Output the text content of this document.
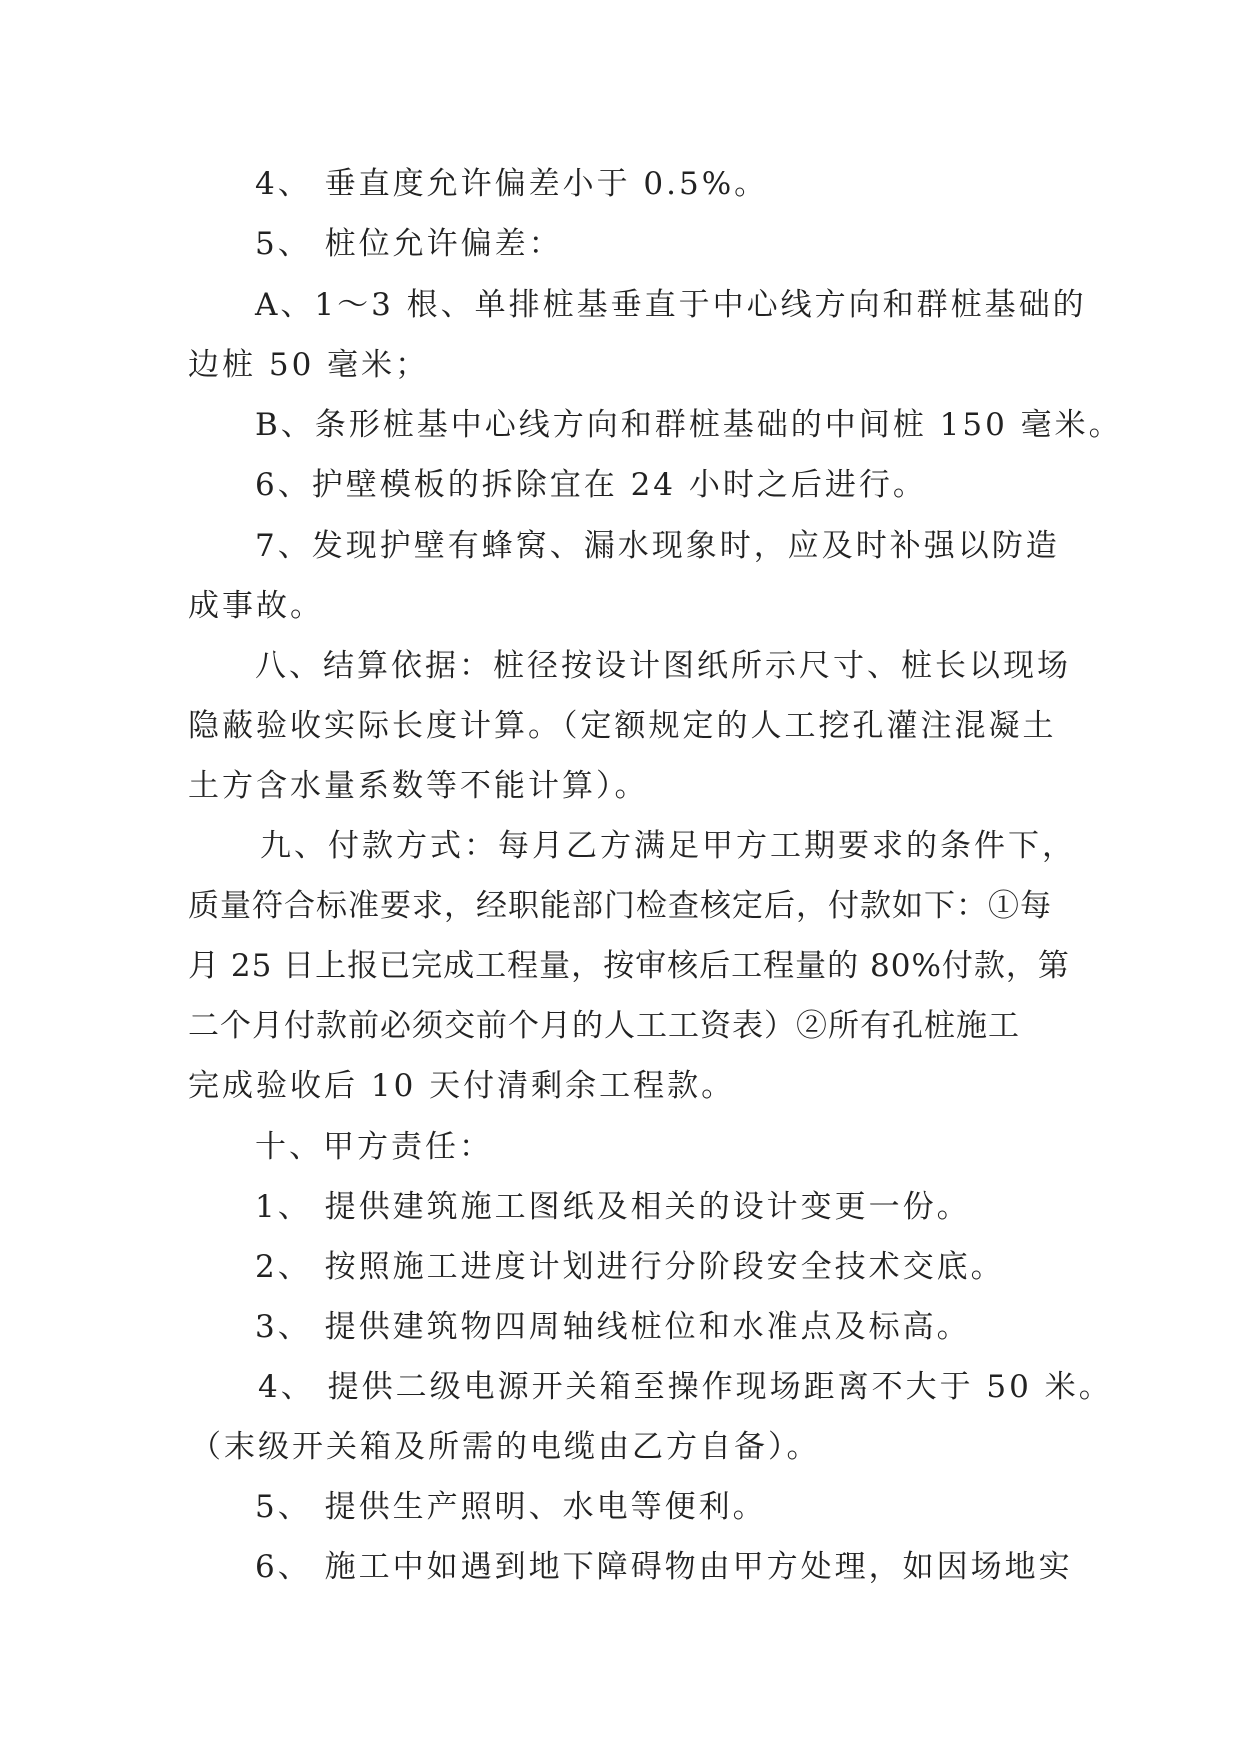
4、 垂直度允许偏差小于 0.5%。
5、 桩位允许偏差：
A、1～3 根、单排桩基垂直于中心线方向和群桩基础的
边桩 50 毫米；
B、条形桩基中心线方向和群桩基础的中间桩 150 毫米。
6、护壁模板的拆除宜在 24 小时之后进行。
7、发现护壁有蜂窝、漏水现象时，应及时补强以防造
成事故。
八、结算依据：桩径按设计图纸所示尺寸、桩长以现场
隐蔽验收实际长度计算。（定额规定的人工挖孔灌注混凝土
土方含水量系数等不能计算）。
九、付款方式：每月乙方满足甲方工期要求的条件下，
质量符合标准要求，经职能部门检查核定后，付款如下：①每
月 25 日上报已完成工程量，按审核后工程量的 80%付款，第
二个月付款前必须交前个月的人工工资表）②所有孔桩施工
完成验收后 10 天付清剩余工程款。
十、甲方责任：
1、 提供建筑施工图纸及相关的设计变更一份。
2、 按照施工进度计划进行分阶段安全技术交底。
3、 提供建筑物四周轴线桩位和水准点及标高。
4、 提供二级电源开关箱至操作现场距离不大于 50 米。
（末级开关箱及所需的电缆由乙方自备）。
5、 提供生产照明、水电等便利。
6、 施工中如遇到地下障碍物由甲方处理，如因场地实
